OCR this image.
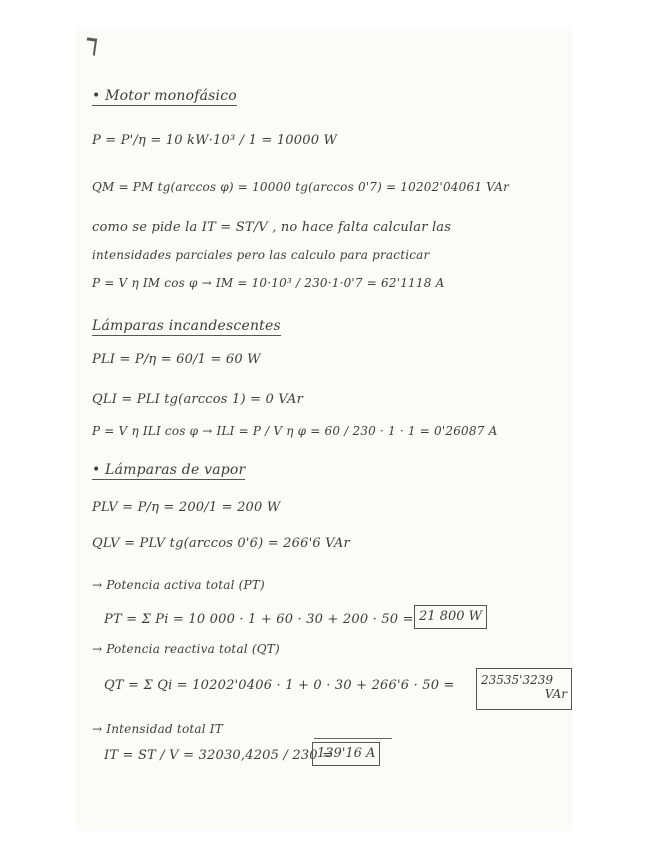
• Motor monofásico
P = P'/η = 10 kW·10³ / 1 = 10000 W
QM = PM tg(arccos φ) = 10000 tg(arccos 0'7) = 10202'04061 VAr
como se pide la IT = ST/V , no hace falta calcular las
intensidades parciales pero las calculo para practicar
P = V η IM cos φ → IM = 10·10³ / 230·1·0'7 = 62'1118 A
Lámparas incandescentes
PLI = P/η = 60/1 = 60 W
QLI = PLI tg(arccos 1) = 0 VAr
P = V η ILI cos φ → ILI = P / V η φ = 60 / 230 · 1 · 1 = 0'26087 A
• Lámparas de vapor
PLV = P/η = 200/1 = 200 W
QLV = PLV tg(arccos 0'6) = 266'6 VAr
→ Potencia activa total (PT)
PT = Σ Pi = 10 000 · 1 + 60 · 30 + 200 · 50 = 21 800 W
→ Potencia reactiva total (QT)
QT = Σ Qi = 10202'0406 · 1 + 0 · 30 + 266'6 · 50 = 23535'3239
VAr
→ Intensidad total IT
IT = ST / V = 32030,4205 / 230 =
139'16 A
